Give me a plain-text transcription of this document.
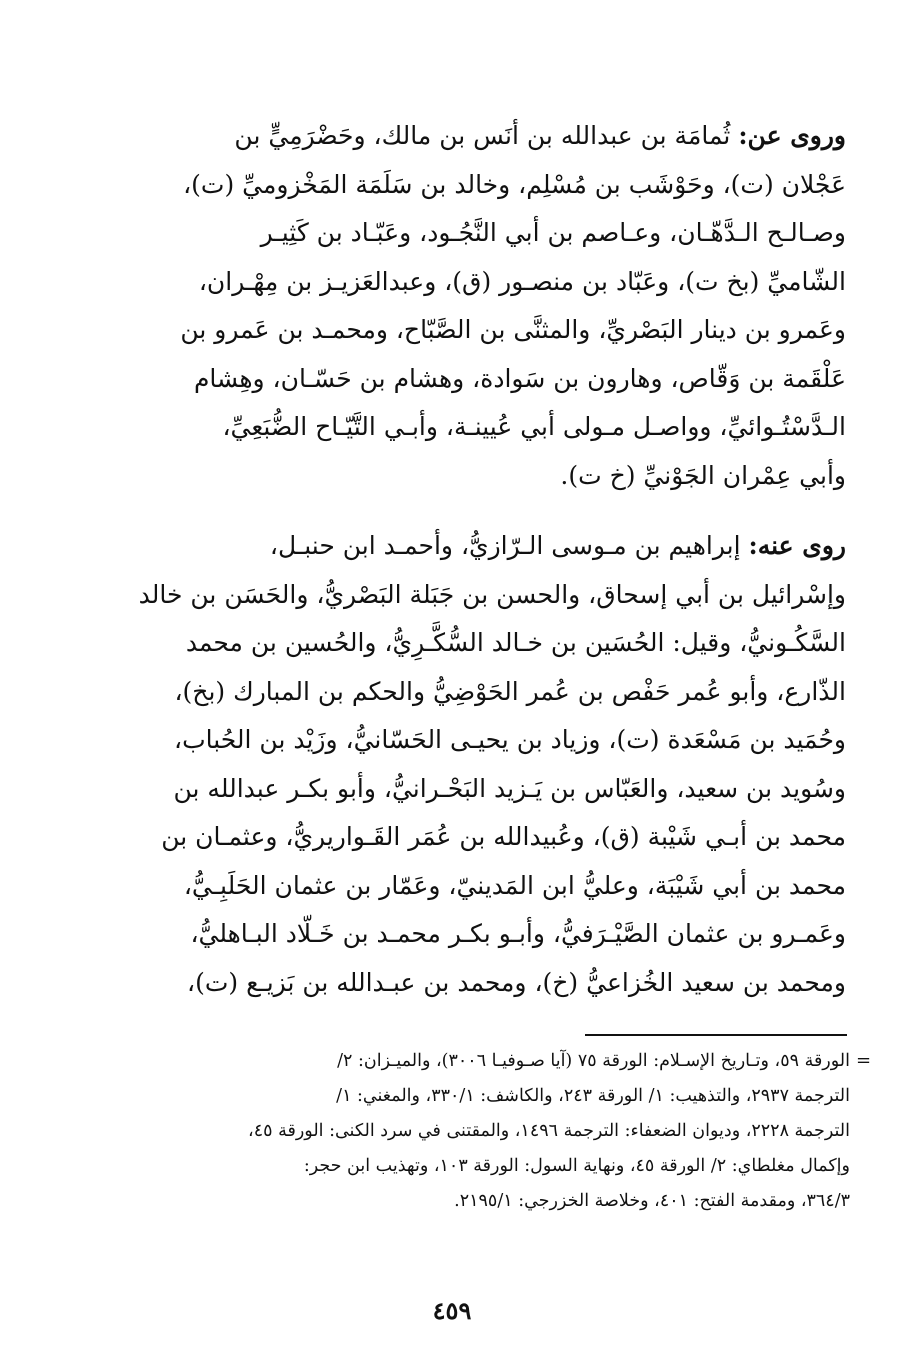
وروى عن: ثُمامَة بن عبدالله بن أنَس بن مالك، وحَضْرَمِيٍّ بن
عَجْلان (ت)، وحَوْشَب بن مُسْلِم، وخالد بن سَلَمَة المَخْزوميِّ (ت)،
وصـالـح الـدَّهّـان، وعـاصم بن أبي النَّجُـود، وعَبّـاد بن كَثِيـر
الشّاميِّ (بخ ت)، وعَبّاد بن منصـور (ق)، وعبدالعَزيـز بن مِهْـران،
وعَمرو بن دينار البَصْريِّ، والمثنَّى بن الصَّبّاح، ومحمـد بن عَمرو بن
عَلْقَمة بن وَقّاص، وهارون بن سَوادة، وهشام بن حَسّـان، وهِشام
الـدَّسْتُـوائيِّ، وواصـل مـولى أبي عُيينـة، وأبـي التَّيّـاح الضُّبَعِيِّ،
وأبي عِمْران الجَوْنيِّ (خ ت).
روى عنه: إبراهيم بن مـوسى الـرّازيُّ، وأحمـد ابن حنبـل،
وإسْرائيل بن أبي إسحاق، والحسن بن جَبَلة البَصْريُّ، والحَسَن بن خالد
السَّكُـونيُّ، وقيل: الحُسَين بن خـالد السُّكَّـرِيُّ، والحُسين بن محمد
الذّارع، وأبو عُمر حَفْص بن عُمر الحَوْضِيُّ والحكم بن المبارك (بخ)،
وحُمَيد بن مَسْعَدة (ت)، وزياد بن يحيـى الحَسّانيُّ، وزَيْد بن الحُباب،
وسُويد بن سعيد، والعَبّاس بن يَـزيد البَحْـرانيُّ، وأبو بكـر عبدالله بن
محمد بن أبـي شَيْبة (ق)، وعُبيدالله بن عُمَر القَـواريريُّ، وعثمـان بن
محمد بن أبي شَيْبَة، وعليُّ ابن المَدينيّ، وعَمّار بن عثمان الحَلَبِـيُّ،
وعَمـرو بن عثمان الصَّيْـرَفيُّ، وأبـو بكـر محمـد بن خَـلّاد البـاهليُّ،
ومحمد بن سعيد الخُزاعيُّ (خ)، ومحمد بن عبـدالله بن بَزيـع (ت)،
=
الورقة ٥٩، وتـاريخ الإسـلام: الورقة ٧٥ (آيا صـوفيـا ٣٠٠٦)، والميـزان: ٢/
الترجمة ٢٩٣٧، والتذهيب: ١/ الورقة ٢٤٣، والكاشف: ٣٣٠/١، والمغني: ١/
الترجمة ٢٢٢٨، وديوان الضعفاء: الترجمة ١٤٩٦، والمقتنى في سرد الكنى: الورقة ٤٥،
وإكمال مغلطاي: ٢/ الورقة ٤٥، ونهاية السول: الورقة ١٠٣، وتهذيب ابن حجر:
٣٦٤/٣، ومقدمة الفتح: ٤٠١، وخلاصة الخزرجي: ٢١٩٥/١.
٤٥٩
